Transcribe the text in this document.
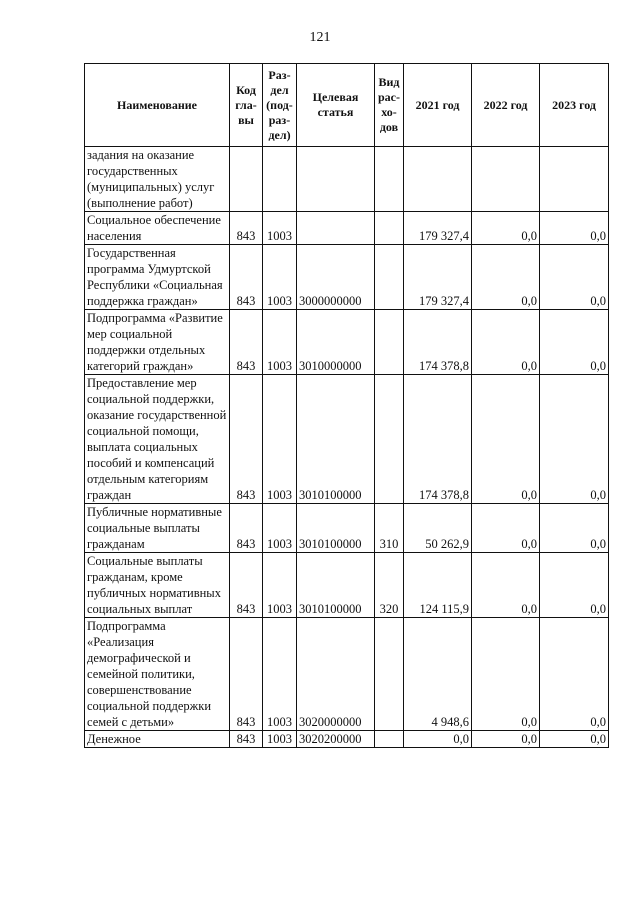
121
Наименование	Код гла- вы	Раз- дел (под- раз- дел)	Целевая статья	Вид рас- хо- дов	2021 год	2022 год	2023 год
задания на оказание государственных (муниципальных) услуг (выполнение работ)							
Социальное обеспечение населения	843	1003			179 327,4	0,0	0,0
Государственная программа Удмуртской Республики «Социальная поддержка граждан»	843	1003	3000000000		179 327,4	0,0	0,0
Подпрограмма «Развитие мер социальной поддержки отдельных категорий граждан»	843	1003	3010000000		174 378,8	0,0	0,0
Предоставление мер социальной поддержки, оказание государственной социальной помощи, выплата социальных пособий и компенсаций отдельным категориям граждан	843	1003	3010100000		174 378,8	0,0	0,0
Публичные нормативные социальные выплаты гражданам	843	1003	3010100000	310	50 262,9	0,0	0,0
Социальные выплаты гражданам, кроме публичных нормативных социальных выплат	843	1003	3010100000	320	124 115,9	0,0	0,0
Подпрограмма «Реализация демографической и семейной политики, совершенствование социальной поддержки семей с детьми»	843	1003	3020000000		4 948,6	0,0	0,0
Денежное	843	1003	3020200000		0,0	0,0	0,0
